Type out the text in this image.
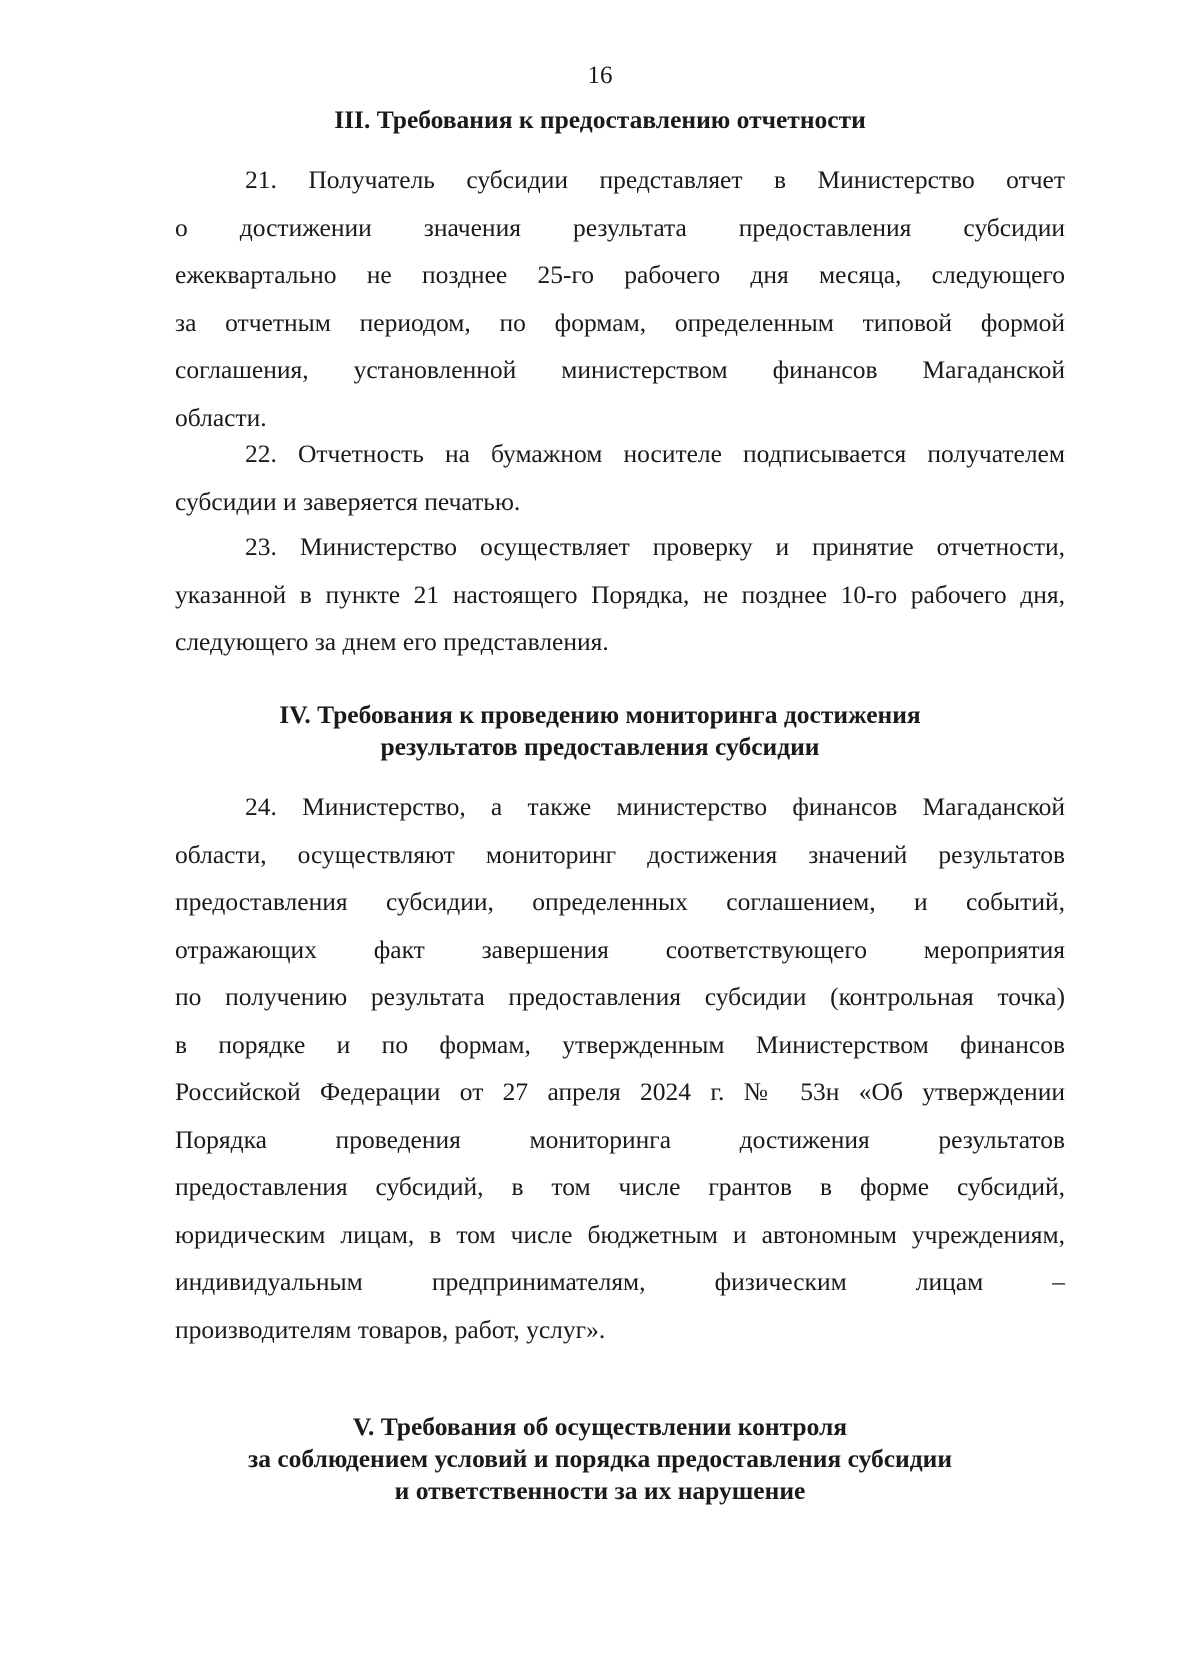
16
III. Требования к предоставлению отчетности
21. Получатель субсидии представляет в Министерство отчет
о достижении значения результата предоставления субсидии
ежеквартально не позднее 25-го рабочего дня месяца, следующего
за отчетным периодом, по формам, определенным типовой формой
соглашения, установленной министерством финансов Магаданской
области.
22. Отчетность на бумажном носителе подписывается получателем
субсидии и заверяется печатью.
23. Министерство осуществляет проверку и принятие отчетности,
указанной в пункте 21 настоящего Порядка, не позднее 10-го рабочего дня,
следующего за днем его представления.
IV. Требования к проведению мониторинга достижения
результатов предоставления субсидии
24. Министерство, а также министерство финансов Магаданской
области, осуществляют мониторинг достижения значений результатов
предоставления субсидии, определенных соглашением, и событий,
отражающих факт завершения соответствующего мероприятия
по получению результата предоставления субсидии (контрольная точка)
в порядке и по формам, утвержденным Министерством финансов
Российской Федерации от 27 апреля 2024 г. № 53н «Об утверждении
Порядка проведения мониторинга достижения результатов
предоставления субсидий, в том числе грантов в форме субсидий,
юридическим лицам, в том числе бюджетным и автономным учреждениям,
индивидуальным предпринимателям, физическим лицам –
производителям товаров, работ, услуг».
V. Требования об осуществлении контроля
за соблюдением условий и порядка предоставления субсидии
и ответственности за их нарушение
